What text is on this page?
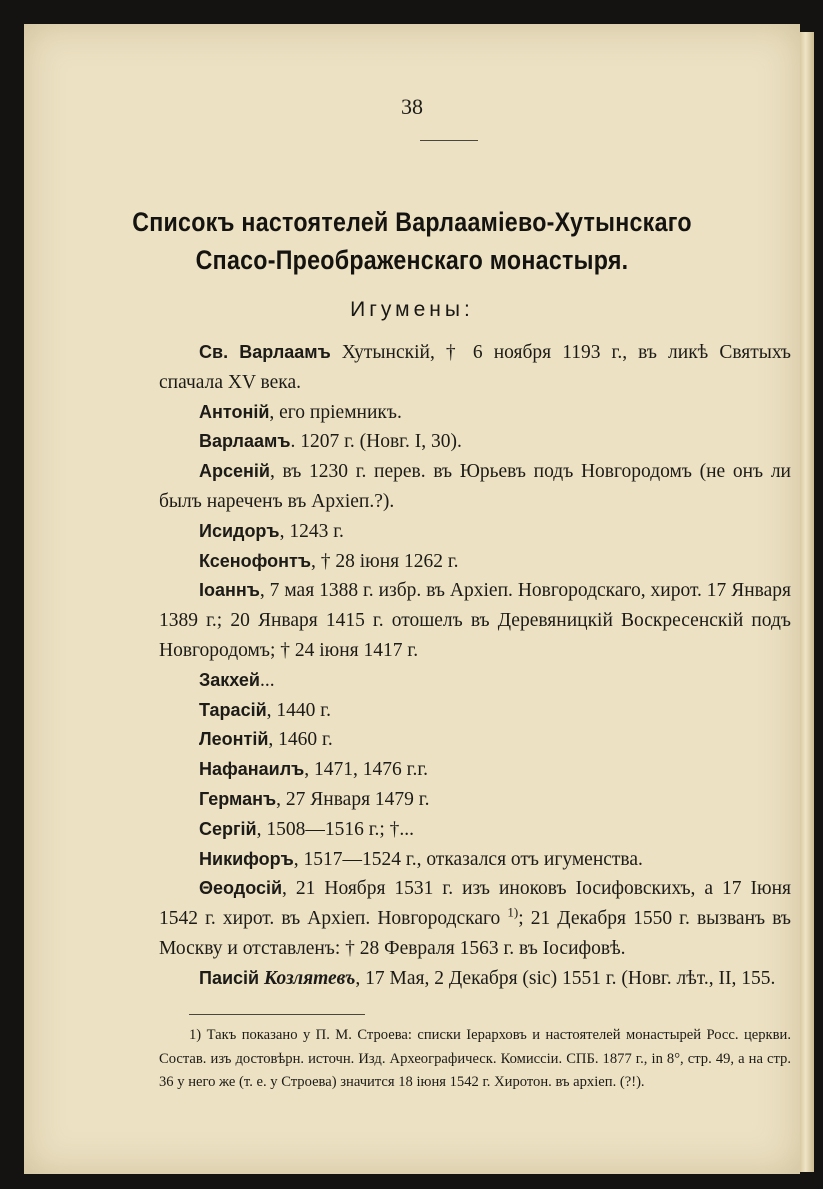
38
Списокъ настоятелей Варлаамiево-Хутынскаго
Спасо-Преображенскаго монастыря.
Игумены:

Св. Варлаамъ Хутынскій, † 6 ноября 1193 г., въ ликѣ Святыхъ спачала XV века.

Антоній, его пріемникъ.

Варлаамъ. 1207 г. (Новг. I, 30).

Арсеній, въ 1230 г. перев. въ Юрьевъ подъ Новгородомъ (не онъ ли былъ нареченъ въ Архіеп.?).

Исидоръ, 1243 г.

Ксенофонтъ, † 28 іюня 1262 г.

Іоаннъ, 7 мая 1388 г. избр. въ Архіеп. Новгородскаго, хирот. 17 Января 1389 г.; 20 Января 1415 г. отошелъ въ Деревяницкій Воскресенскій подъ Новгородомъ; † 24 іюня 1417 г.

Закхей...

Тарасій, 1440 г.

Леонтій, 1460 г.

Нафанаилъ, 1471, 1476 г.г.

Германъ, 27 Января 1479 г.

Сергій, 1508—1516 г.; †...

Никифоръ, 1517—1524 г., отказался отъ игуменства.

Θеодосій, 21 Ноября 1531 г. изъ иноковъ Іосифовскихъ, а 17 Іюня 1542 г. хирот. въ Архіеп. Новгородскаго $^{1)}$; 21 Декабря 1550 г. вызванъ въ Москву и отставленъ: † 28 Февраля 1563 г. въ Іосифовѣ.

Паисій Козлятевъ, 17 Мая, 2 Декабря (sic) 1551 г. (Новг. лѣт., II, 155.

1) Такъ показано у П. М. Строева: списки Іерарховъ и настоятелей монастырей Росс. церкви. Состав. изъ достовѣрн. источн. Изд. Археографическ. Комиссіи. СПБ. 1877 г., in 8°, стр. 49, а на стр. 36 у него же (т. е. у Строева) значится 18 іюня 1542 г. Хиротон. въ архіеп. (?!).
